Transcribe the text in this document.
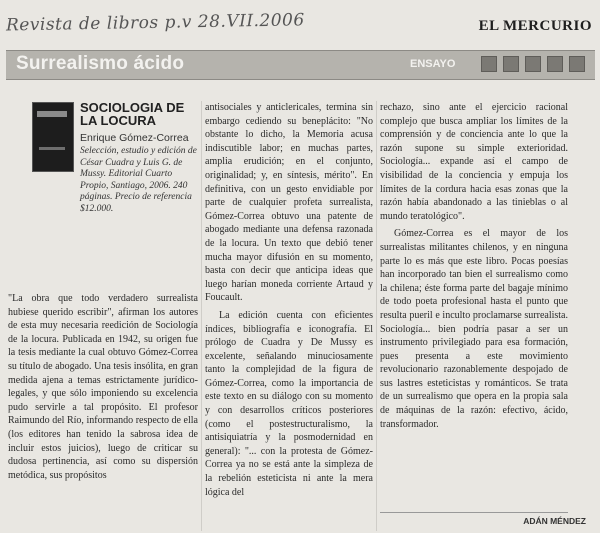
Revista de libros p.v 28.VII.2006	EL MERCURIO
Surrealismo ácido	ENSAYO
SOCIOLOGIA DE LA LOCURA
Enrique Gómez-Correa
Selección, estudio y edición de César Cuadra y Luis G. de Mussy. Editorial Cuarto Propio, Santiago, 2006. 240 páginas. Precio de referencia $12.000.

"La obra que todo verdadero surrealista hubiese querido escribir", afirman los autores de esta muy necesaria reedición de Sociología de la locura. Publicada en 1942, su origen fue la tesis mediante la cual obtuvo Gómez-Correa su título de abogado. Una tesis insólita, en gran medida ajena a temas estrictamente jurídico-legales, y que sólo imponiendo su excelencia pudo servirle a tal propósito. El profesor Raimundo del Río, informando respecto de ella (los editores han tenido la sabrosa idea de incluir estos juicios), luego de criticar su dudosa pertinencia, así como su dispersión metódica, sus propósitos

antisociales y anticlericales, termina sin embargo cediendo su beneplácito: "No obstante lo dicho, la Memoria acusa indiscutible labor; en muchas partes, amplia erudición; en el conjunto, originalidad; y, en síntesis, mérito". En definitiva, con un gesto envidiable por parte de cualquier profeta surrealista, Gómez-Correa obtuvo una patente de abogado mediante una defensa razonada de la locura. Un texto que debió tener mucha mayor difusión en su momento, basta con decir que anticipa ideas que luego harían moneda corriente Artaud y Foucault.

La edición cuenta con eficientes índices, bibliografía e iconografía. El prólogo de Cuadra y De Mussy es excelente, señalando minuciosamente tanto la complejidad de la figura de Gómez-Correa, como la importancia de este texto en su diálogo con su momento y con desarrollos críticos posteriores (como el postestructuralismo, la antisiquiatría y la posmodernidad en general): "... con la protesta de Gómez-Correa ya no se está ante la simpleza de la rebelión esteticista ni ante la mera lógica del

rechazo, sino ante el ejercicio racional complejo que busca ampliar los límites de la comprensión y de conciencia ante lo que la razón supone su simple exterioridad. Sociología... expande así el campo de visibilidad de la conciencia y empuja los límites de la cordura hacia esas zonas que la razón había abandonado a las tinieblas o al mundo teratológico".

Gómez-Correa es el mayor de los surrealistas militantes chilenos, y en ninguna parte lo es más que este libro. Pocas poesías han incorporado tan bien el surrealismo como la chilena; éste forma parte del bagaje mínimo de todo poeta profesional hasta el punto que resulta pueril e inculto proclamarse surrealista. Sociología... bien podría pasar a ser un instrumento privilegiado para esa formación, pues presenta a este movimiento revolucionario razonablemente despojado de sus lastres esteticistas y románticos. Se trata de un surrealismo que opera en la propia sala de máquinas de la razón: efectivo, ácido, transformador.

ADÁN MÉNDEZ
